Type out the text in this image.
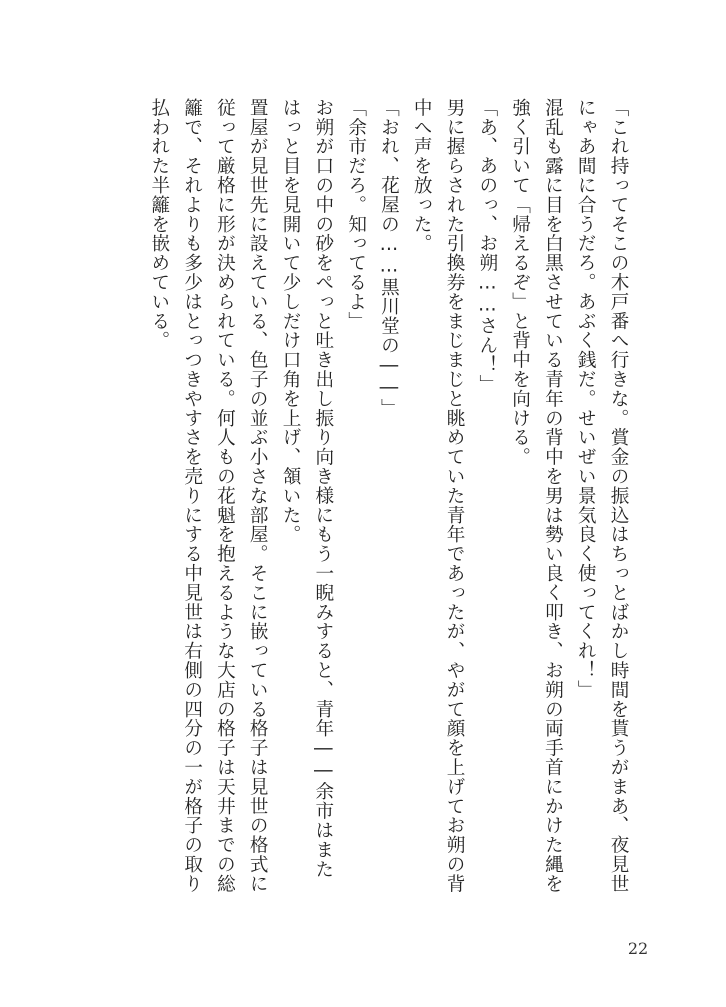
「これ持ってそこの木戸番へ行きな。賞金の振込はちっとばかし時間を貰うがまあ、夜見世にゃあ間に合うだろ。あぶく銭だ。せいぜい景気良く使ってくれ！」

混乱も露に目を白黒させている青年の背中を男は勢い良く叩き、お朔の両手首にかけた縄を強く引いて「帰えるぞ」と背中を向ける。

「あ、あのっ、お朔……さん！」

男に握らされた引換券をまじまじと眺めていた青年であったが、やがて顔を上げてお朔の背中へ声を放った。

「おれ、花屋の……黒川堂の――」

「余市だろ。知ってるよ」

お朔が口の中の砂をぺっと吐き出し振り向き様にもう一睨みすると、青年――余市はまたはっと目を見開いて少しだけ口角を上げ、頷いた。

置屋が見世先に設えている、色子の並ぶ小さな部屋。そこに嵌っている格子は見世の格式に従って厳格に形が決められている。何人もの花魁を抱えるような大店の格子は天井までの総籬で、それよりも多少はとっつきやすさを売りにする中見世は右側の四分の一が格子の取り払われた半籬を嵌めている。

22
